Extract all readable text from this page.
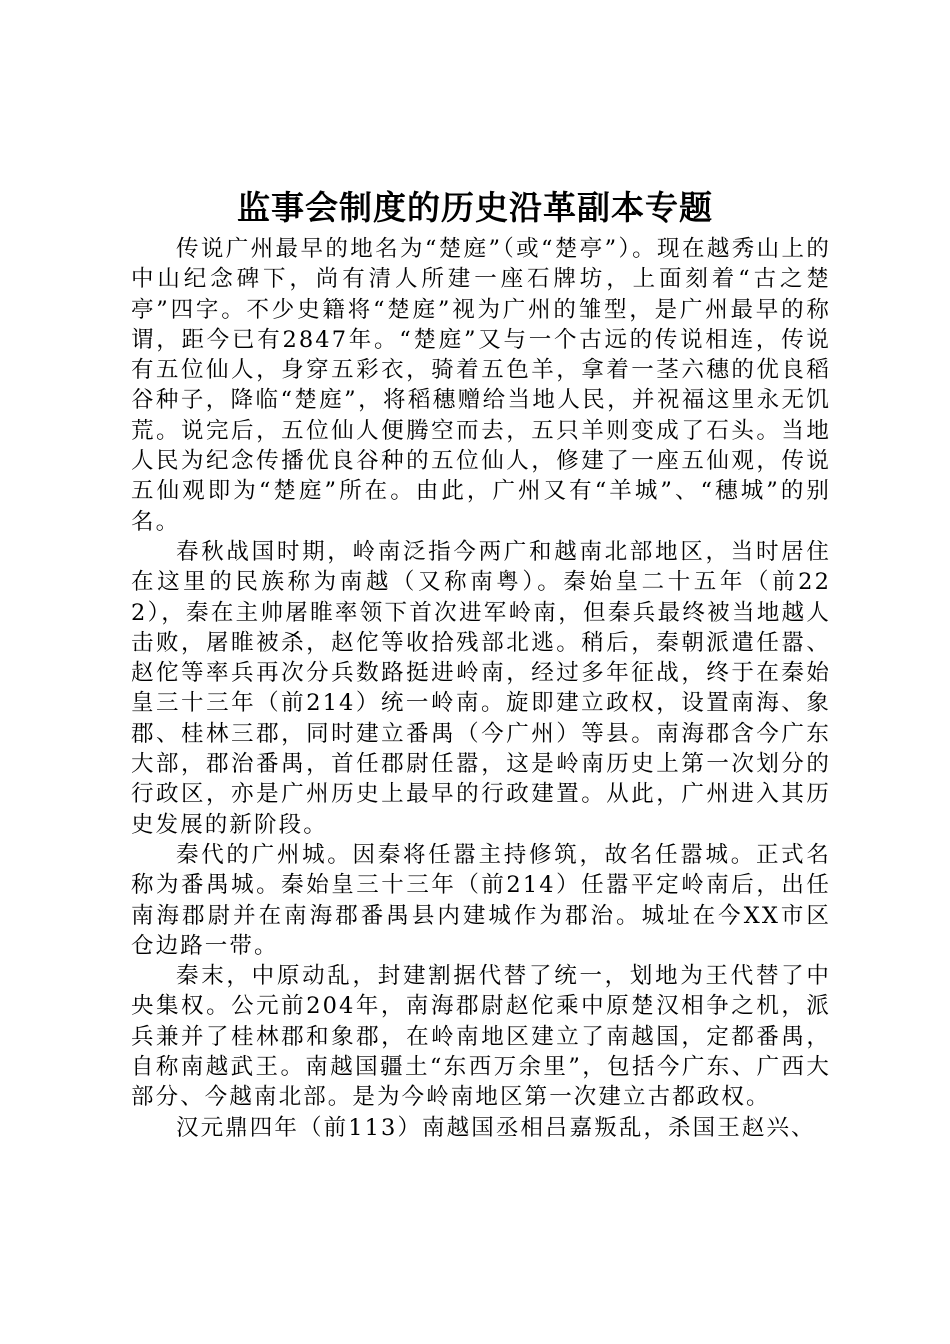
监事会制度的历史沿革副本专题

传说广州最早的地名为“楚庭”（或“楚亭”）。现在越秀山上的中山纪念碑下，尚有清人所建一座石牌坊，上面刻着“古之楚亭”四字。不少史籍将“楚庭”视为广州的雏型，是广州最早的称谓，距今已有2847年。“楚庭”又与一个古远的传说相连，传说有五位仙人，身穿五彩衣，骑着五色羊，拿着一茎六穗的优良稻谷种子，降临“楚庭”，将稻穗赠给当地人民，并祝福这里永无饥荒。说完后，五位仙人便腾空而去，五只羊则变成了石头。当地人民为纪念传播优良谷种的五位仙人，修建了一座五仙观，传说五仙观即为“楚庭”所在。由此，广州又有“羊城”、“穗城”的别名。

春秋战国时期，岭南泛指今两广和越南北部地区，当时居住在这里的民族称为南越（又称南粤）。秦始皇二十五年（前222），秦在主帅屠睢率领下首次进军岭南，但秦兵最终被当地越人击败，屠睢被杀，赵佗等收拾残部北逃。稍后，秦朝派遣任嚣、赵佗等率兵再次分兵数路挺进岭南，经过多年征战，终于在秦始皇三十三年（前214）统一岭南。旋即建立政权，设置南海、象郡、桂林三郡，同时建立番禺（今广州）等县。南海郡含今广东大部，郡治番禺，首任郡尉任嚣，这是岭南历史上第一次划分的行政区，亦是广州历史上最早的行政建置。从此，广州进入其历史发展的新阶段。

秦代的广州城。因秦将任嚣主持修筑，故名任嚣城。正式名称为番禺城。秦始皇三十三年（前214）任嚣平定岭南后，出任南海郡尉并在南海郡番禺县内建城作为郡治。城址在今XX市区仓边路一带。

秦末，中原动乱，封建割据代替了统一，划地为王代替了中央集权。公元前204年，南海郡尉赵佗乘中原楚汉相争之机，派兵兼并了桂林郡和象郡，在岭南地区建立了南越国，定都番禺，自称南越武王。南越国疆土“东西万余里”，包括今广东、广西大部分、今越南北部。是为今岭南地区第一次建立古都政权。

汉元鼎四年（前113）南越国丞相吕嘉叛乱，杀国王赵兴、
